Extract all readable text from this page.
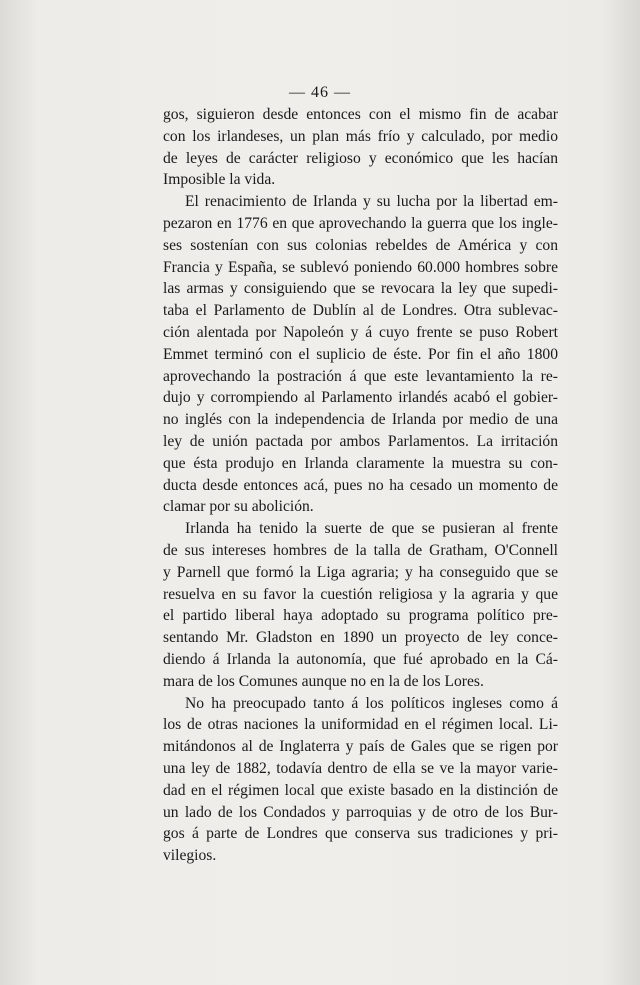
— 46 —

gos, siguieron desde entonces con el mismo fin de acabar
con los irlandeses, un plan más frío y calculado, por medio
de leyes de carácter religioso y económico que les hacían
Imposible la vida.

El renacimiento de Irlanda y su lucha por la libertad em-
pezaron en 1776 en que aprovechando la guerra que los ingle-
ses sostenían con sus colonias rebeldes de América y con
Francia y España, se sublevó poniendo 60.000 hombres sobre
las armas y consiguiendo que se revocara la ley que supedi-
taba el Parlamento de Dublín al de Londres. Otra sublevac-
ción alentada por Napoleón y á cuyo frente se puso Robert
Emmet terminó con el suplicio de éste. Por fin el año 1800
aprovechando la postración á que este levantamiento la re-
dujo y corrompiendo al Parlamento irlandés acabó el gobier-
no inglés con la independencia de Irlanda por medio de una
ley de unión pactada por ambos Parlamentos. La irritación
que ésta produjo en Irlanda claramente la muestra su con-
ducta desde entonces acá, pues no ha cesado un momento de
clamar por su abolición.

Irlanda ha tenido la suerte de que se pusieran al frente
de sus intereses hombres de la talla de Gratham, O'Connell
y Parnell que formó la Liga agraria; y ha conseguido que se
resuelva en su favor la cuestión religiosa y la agraria y que
el partido liberal haya adoptado su programa político pre-
sentando Mr. Gladston en 1890 un proyecto de ley conce-
diendo á Irlanda la autonomía, que fué aprobado en la Cá-
mara de los Comunes aunque no en la de los Lores.

No ha preocupado tanto á los políticos ingleses como á
los de otras naciones la uniformidad en el régimen local. Li-
mitándonos al de Inglaterra y país de Gales que se rigen por
una ley de 1882, todavía dentro de ella se ve la mayor varie-
dad en el régimen local que existe basado en la distinción de
un lado de los Condados y parroquias y de otro de los Bur-
gos á parte de Londres que conserva sus tradiciones y pri-
vilegios.
